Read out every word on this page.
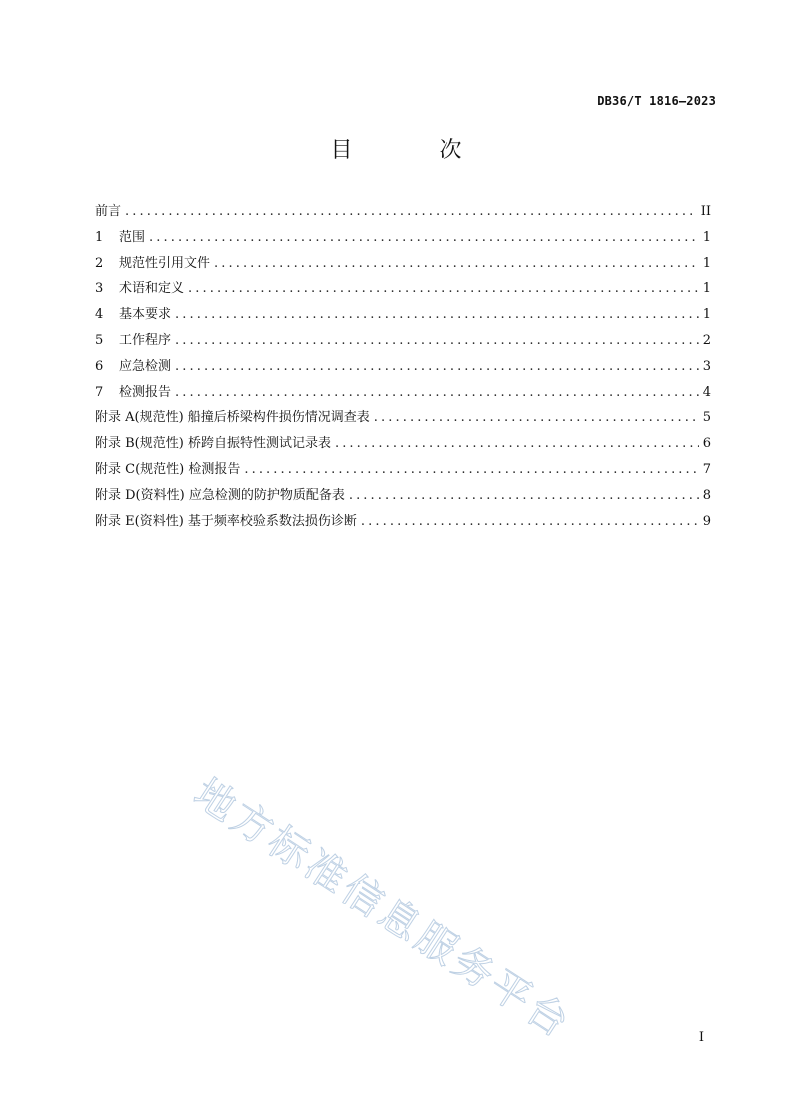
DB36/T 1816—2023
目 次
前言 .....	II
1	范围 .....	1
2	规范性引用文件 .....	1
3	术语和定义 .....	1
4	基本要求 .....	1
5	工作程序 .....	2
6	应急检测 .....	3
7	检测报告 .....	4
附录 A(规范性) 船撞后桥梁构件损伤情况调查表 .....	5
附录 B(规范性) 桥跨自振特性测试记录表 .....	6
附录 C(规范性) 检测报告 .....	7
附录 D(资料性) 应急检测的防护物质配备表 .....	8
附录 E(资料性) 基于频率校验系数法损伤诊断 .....	9
地方标准信息服务平台	I
